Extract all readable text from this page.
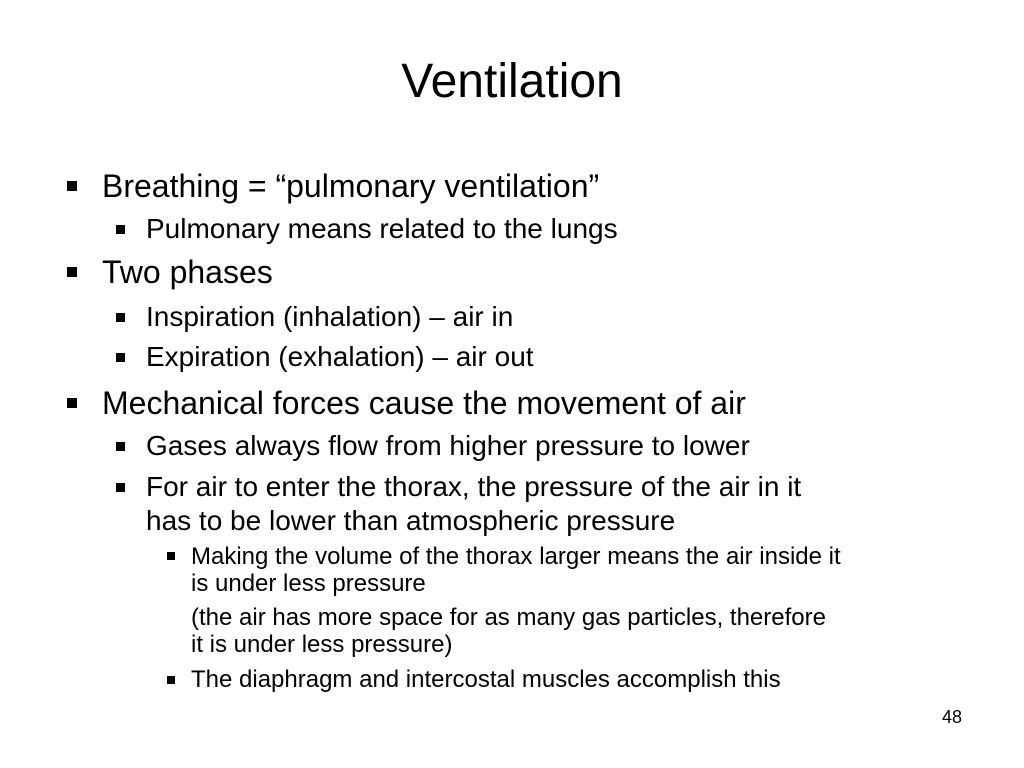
Ventilation
Breathing = “pulmonary ventilation”
Pulmonary means related to the lungs
Two phases
Inspiration (inhalation) – air in
Expiration (exhalation) – air out
Mechanical forces cause the movement of air
Gases always flow from higher pressure to lower
For air to enter the thorax, the pressure of the air in it
has to be lower than atmospheric pressure
Making the volume of the thorax larger means the air inside it
is under less pressure
(the air has more space for as many gas particles, therefore
it is under less pressure)
The diaphragm and intercostal muscles accomplish this
48
